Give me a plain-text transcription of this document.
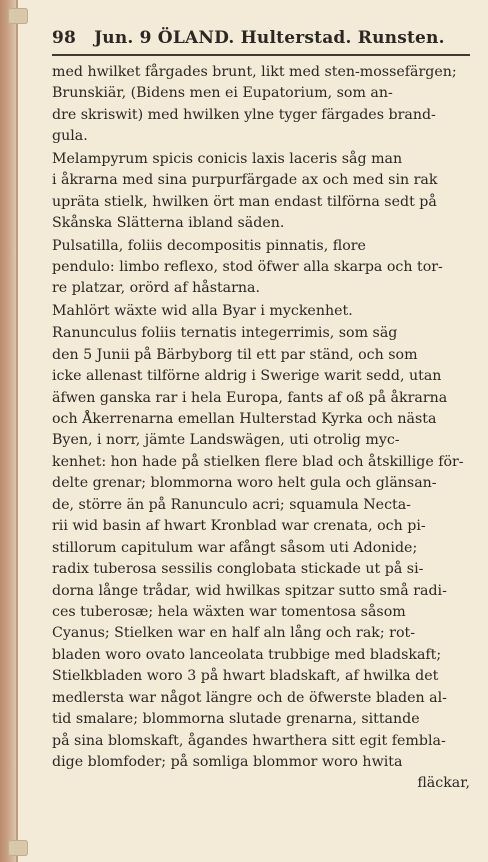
98 Jun. 9 ÖLAND. Hulterstad. Runsten.
med hwilket fårgades brunt, likt med sten-mossefärgen;
Brunskiär, (Bidens men ei Eupatorium, som an-
dre skriswit) med hwilken ylne tyger färgades brand-
gula.
Melampyrum spicis conicis laxis laceris såg man
i åkrarna med sina purpurfärgade ax och med sin rak
upräta stielk, hwilken ört man endast tilförna sedt på
Skånska Slätterna ibland säden.
Pulsatilla, foliis decompositis pinnatis, flore
pendulo: limbo reflexo, stod öfwer alla skarpa och tor-
re platzar, orörd af håstarna.
Mahlört wäxte wid alla Byar i myckenhet.
Ranunculus foliis ternatis integerrimis, som säg
den 5 Junii på Bärbyborg til ett par ständ, och som
icke allenast tilförne aldrig i Swerige warit sedd, utan
äfwen ganska rar i hela Europa, fants af oß på åkrarna
och Åkerrenarna emellan Hulterstad Kyrka och nästa
Byen, i norr, jämte Landswägen, uti otrolig myc-
kenhet: hon hade på stielken flere blad och åtskillige för-
delte grenar; blommorna woro helt gula och glänsan-
de, större än på Ranunculo acri; squamula Necta-
rii wid basin af hwart Kronblad war crenata, och pi-
stillorum capitulum war afångt såsom uti Adonide;
radix tuberosa sessilis conglobata stickade ut på si-
dorna långe trådar, wid hwilkas spitzar sutto små radi-
ces tuberosæ; hela wäxten war tomentosa såsom
Cyanus; Stielken war en half aln lång och rak; rot-
bladen woro ovato lanceolata trubbige med bladskaft;
Stielkbladen woro 3 på hwart bladskaft, af hwilka det
medlersta war något längre och de öfwerste bladen al-
tid smalare; blommorna slutade grenarna, sittande
på sina blomskaft, ågandes hwarthera sitt egit fembla-
dige blomfoder; på somliga blommor woro hwita
fläckar,
